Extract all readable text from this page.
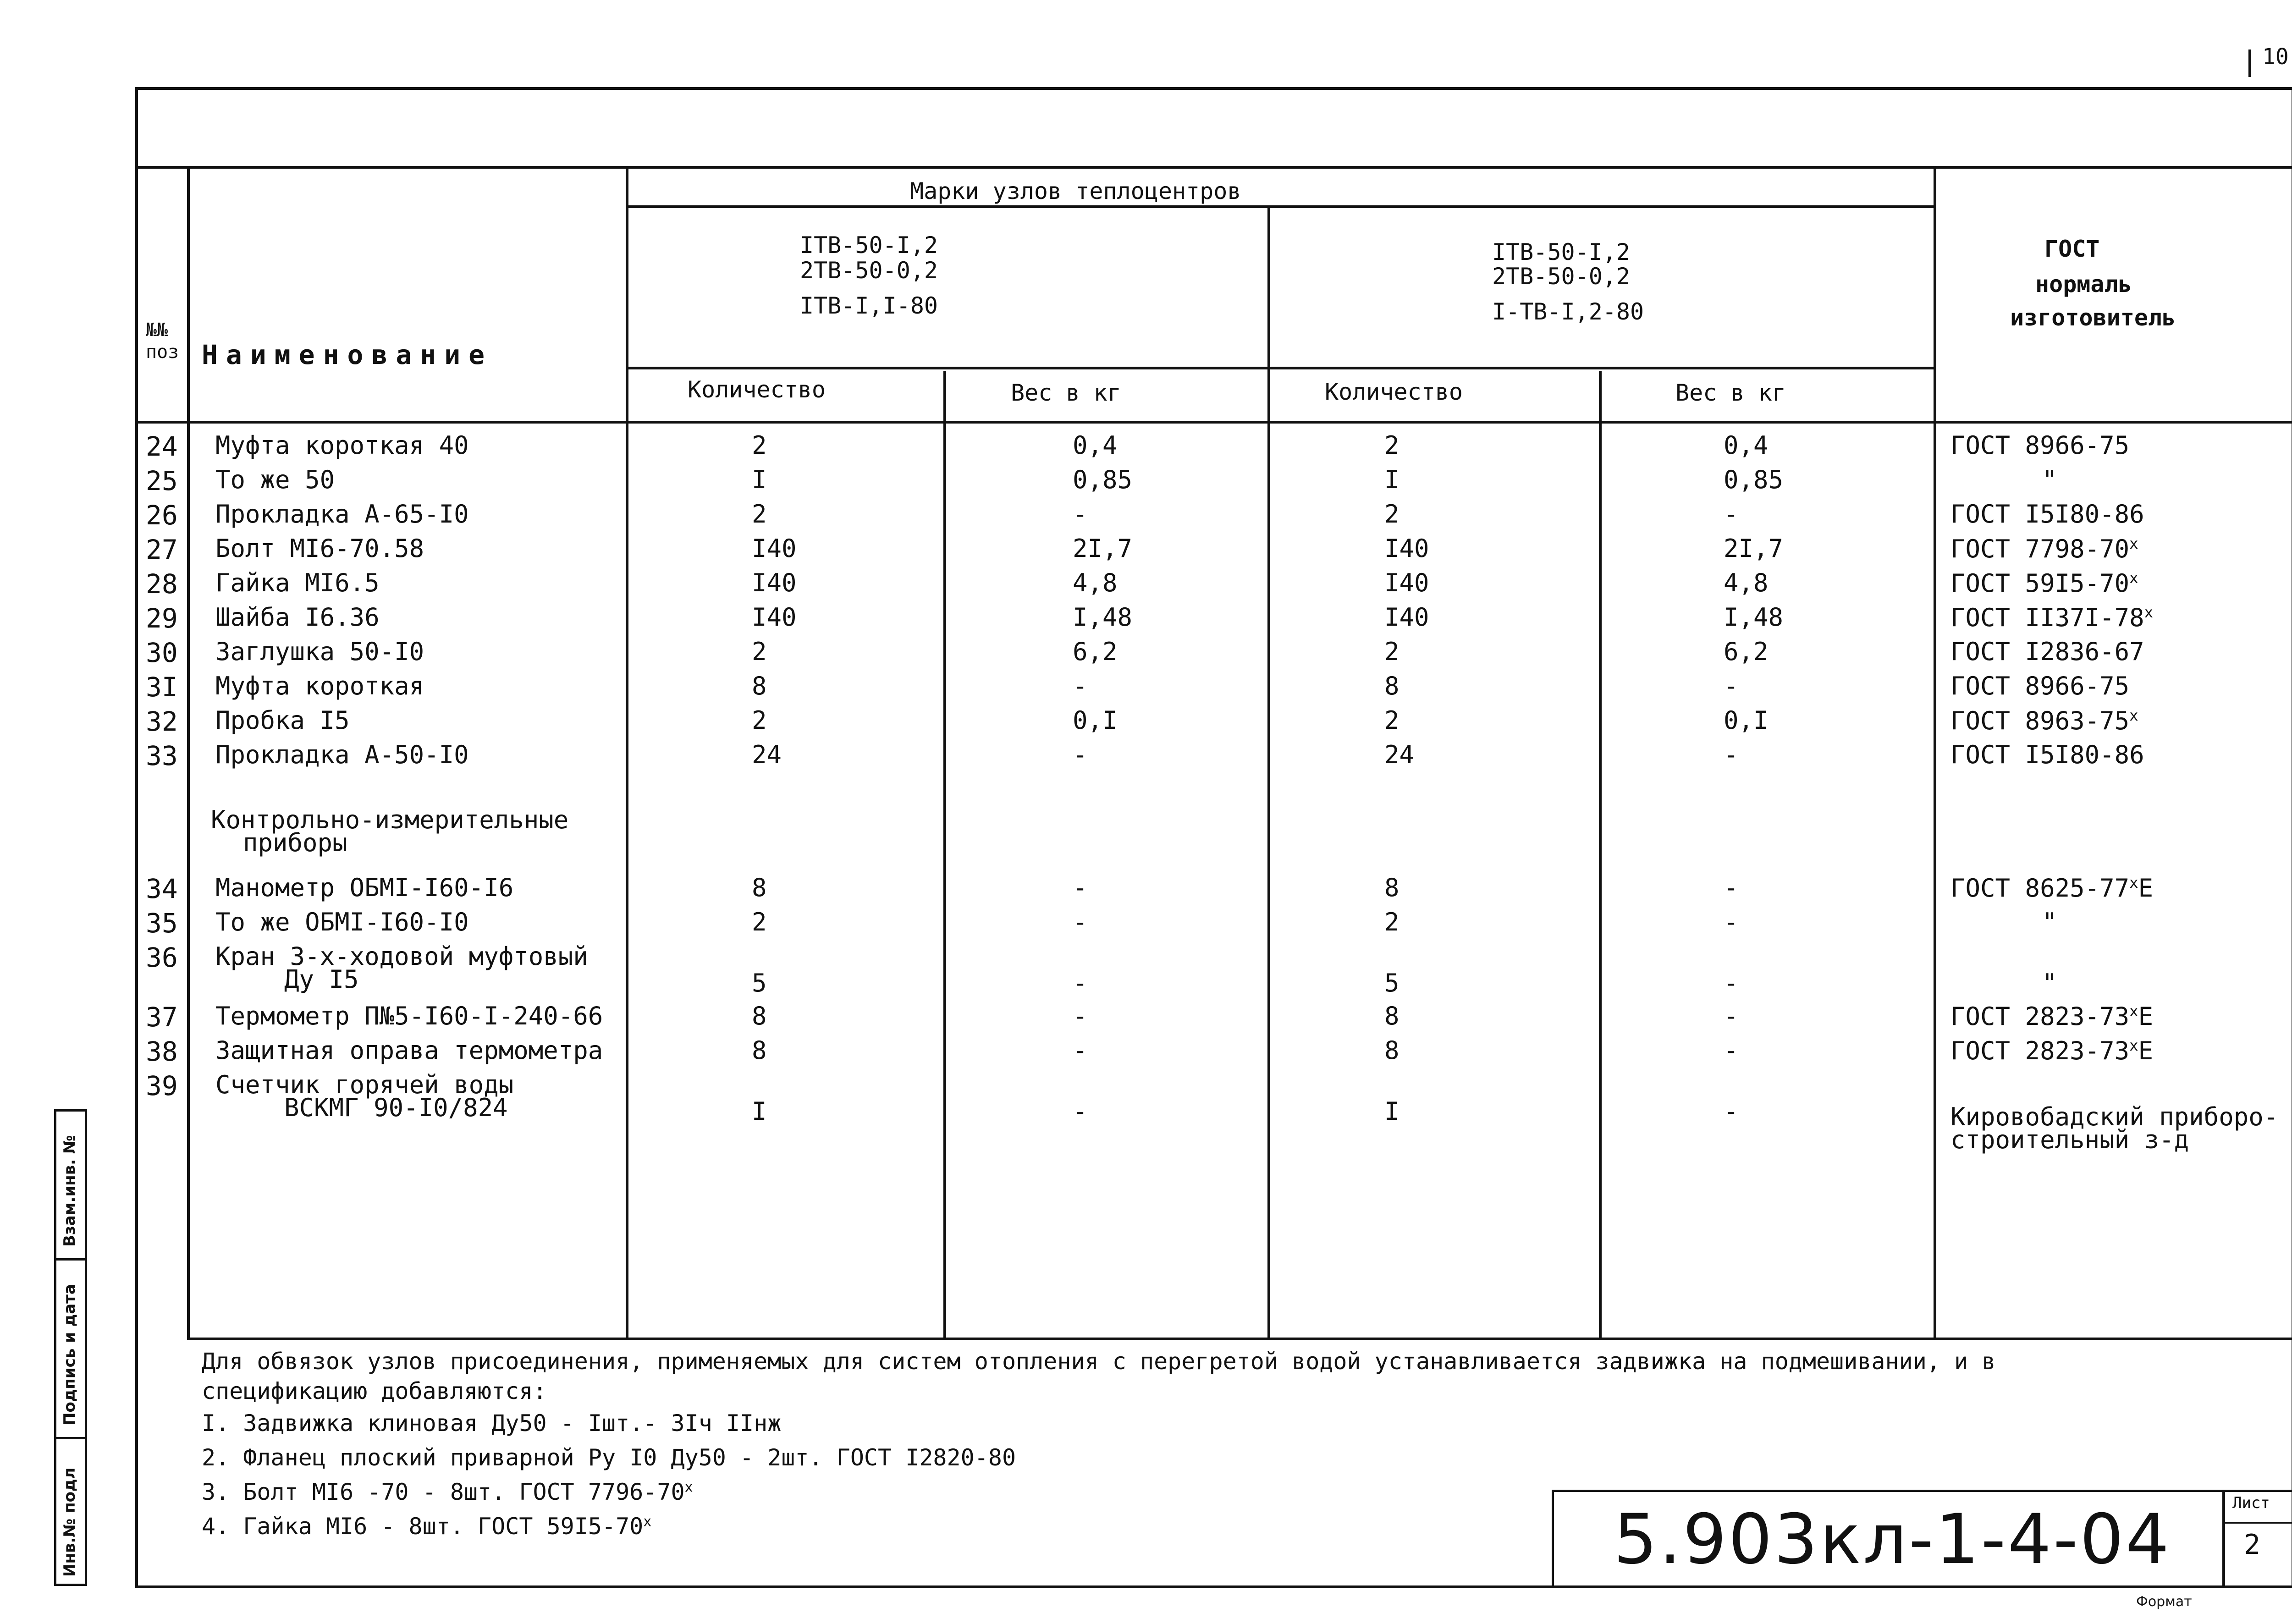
10
№№
поз Наименование
Марки узлов теплоцентров
ITB-50-I,2
2TB-50-0,2
ITB-I,I-80
ITB-50-I,2
2TB-50-0,2
I-TB-I,2-80
Количество	Вес в кг	Количество	Вес в кг
ГОСТ
нормаль
изготовитель
24 Муфта короткая 40	2	0,4	2	0,4	ГОСТ 8966-75
25 То же 50	I	0,85	I	0,85	"
26 Прокладка А-65-I0	2	-	2	-	ГОСТ I5I80-86
27 Болт МI6-70.58	I40	2I,7	I40	2I,7	ГОСТ 7798-70$^x$
28 Гайка МI6.5	I40	4,8	I40	4,8	ГОСТ 59I5-70$^x$
29 Шайба I6.36	I40	I,48	I40	I,48	ГОСТ II37I-78$^x$
30 Заглушка 50-I0	2	6,2	2	6,2	ГОСТ I2836-67
3I Муфта короткая	8	-	8	-	ГОСТ 8966-75
32 Пробка I5	2	0,I	2	0,I	ГОСТ 8963-75$^x$
33 Прокладка А-50-I0	24	-	24	-	ГОСТ I5I80-86
Контрольно-измерительные
приборы
34 Манометр ОБМI-I60-I6	8	-	8	-	ГОСТ 8625-77$^x$E
35 То же ОБМI-I60-I0	2	-	2	-	"
36 Кран 3-х-ходовой муфтовый
Ду I5	5	-	5	-	"
37 Термометр П№5-I60-I-240-66	8	-	8	-	ГОСТ 2823-73$^x$E
38 Защитная оправа термометра	8	-	8	-	ГОСТ 2823-73$^x$E
39 Счетчик горячей воды
ВСКМГ 90-I0/824	I	-	I	-	Кировобадский приборо-
строительный з-д
Для обвязок узлов присоединения, применяемых для систем отопления с перегретой водой устанавливается задвижка на подмешивании, и в
спецификацию добавляются:
I. Задвижка клиновая Ду50 - Iшт.- 3Iч IIнж
2. Фланец плоский приварной Ру I0 Ду50 - 2шт. ГОСТ I2820-80
3. Болт МI6 -70 - 8шт. ГОСТ 7796-70$^x$
4. Гайка МI6 - 8шт. ГОСТ 59I5-70$^x$	5.903кл-1-4-04	Лист
2
Формат
Взам.инв. №
Подпись и дата
Инв.№ подл
